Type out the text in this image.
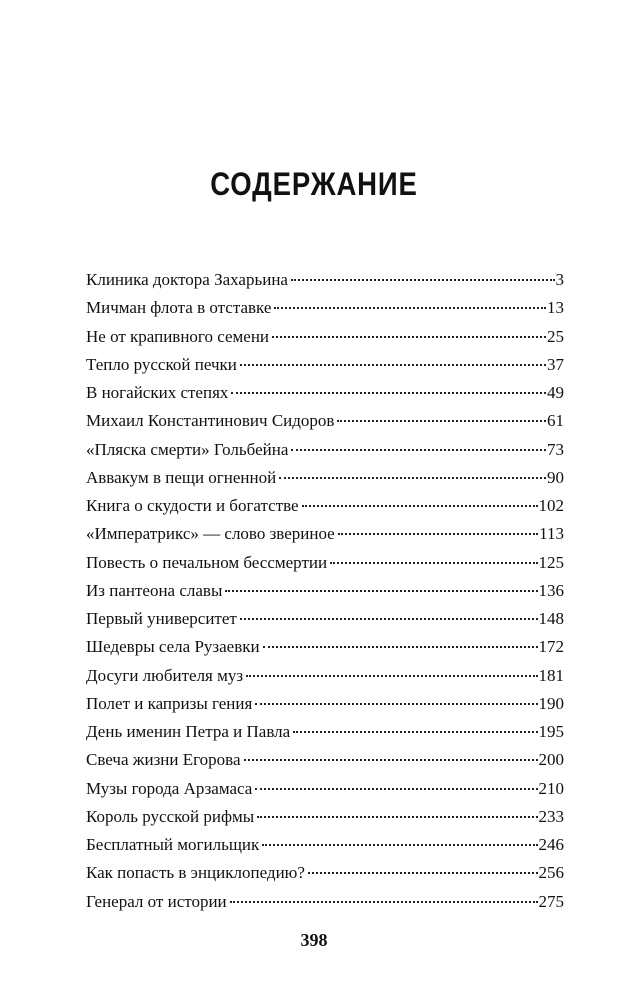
СОДЕРЖАНИЕ
Клиника доктора Захарьина	3
Мичман флота в отставке	13
Не от крапивного семени	25
Тепло русской печки	37
В ногайских степях	49
Михаил Константинович Сидоров	61
«Пляска смерти» Гольбейна	73
Аввакум в пещи огненной	90
Книга о скудости и богатстве	102
«Императрикс» — слово звериное	113
Повесть о печальном бессмертии	125
Из пантеона славы	136
Первый университет	148
Шедевры села Рузаевки	172
Досуги любителя муз	181
Полет и капризы гения	190
День именин Петра и Павла	195
Свеча жизни Егорова	200
Музы города Арзамаса	210
Король русской рифмы	233
Бесплатный могильщик	246
Как попасть в энциклопедию?	256
Генерал от истории	275
398
